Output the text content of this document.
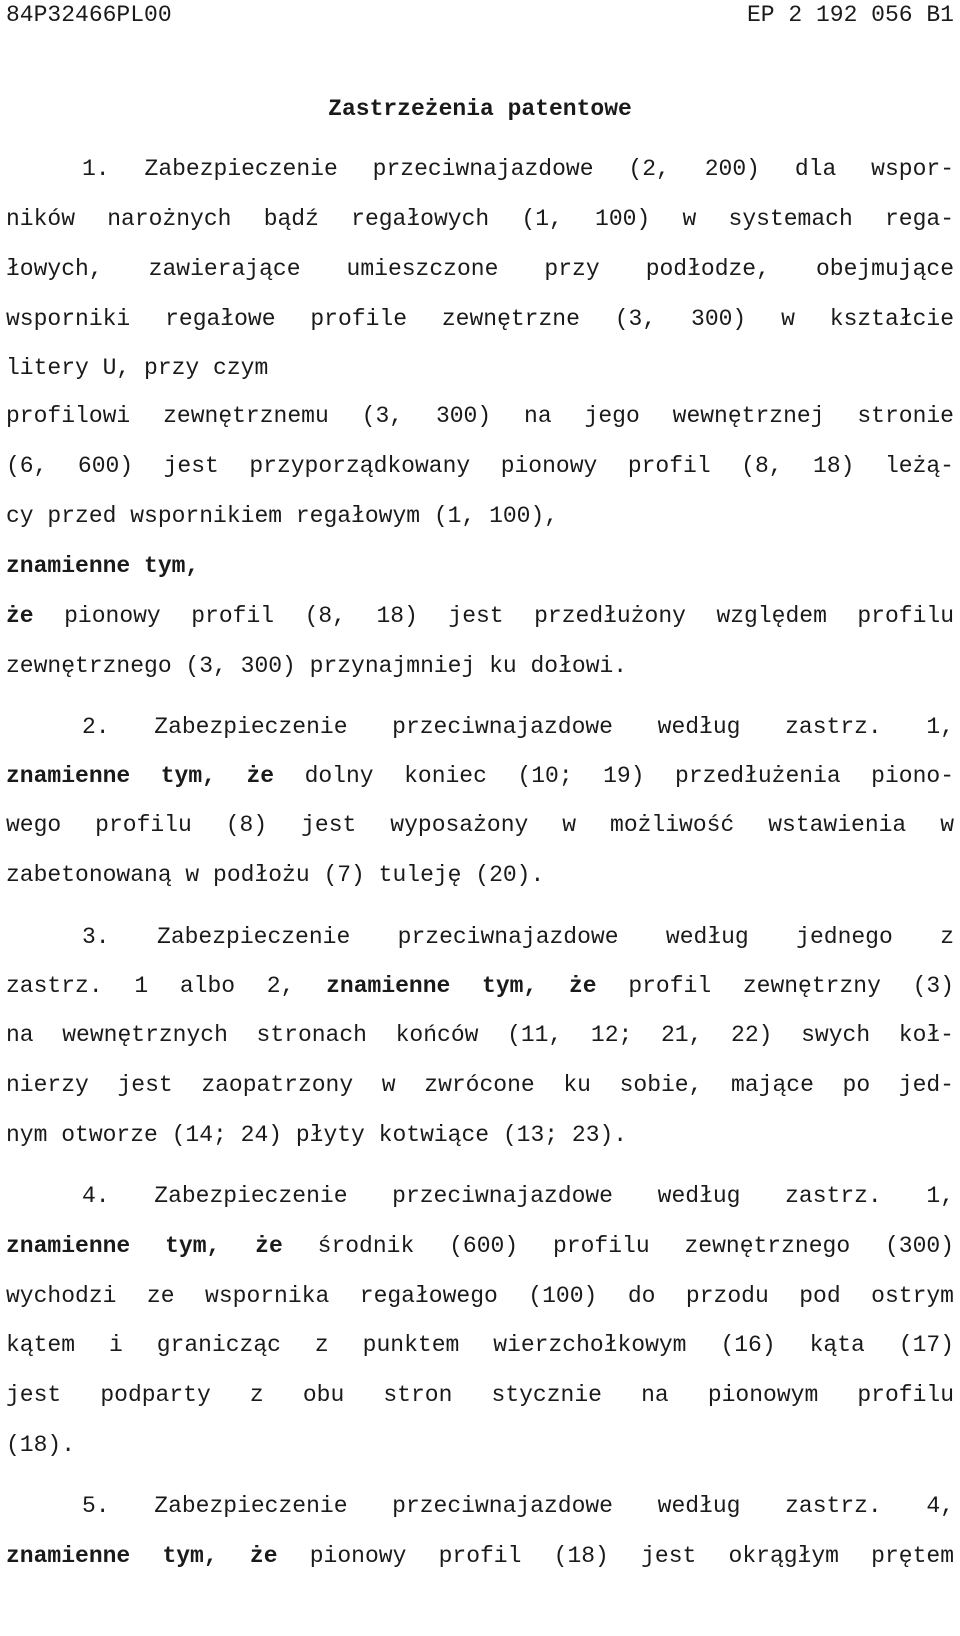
84P32466PL00	EP 2 192 056 B1
Zastrzeżenia patentowe
1. Zabezpieczenie przeciwnajazdowe (2, 200) dla wspor-
ników narożnych bądź regałowych (1, 100) w systemach rega-
łowych, zawierające umieszczone przy podłodze, obejmujące
wsporniki regałowe profile zewnętrzne (3, 300) w kształcie
litery U, przy czym
profilowi zewnętrznemu (3, 300) na jego wewnętrznej stronie
(6, 600) jest przyporządkowany pionowy profil (8, 18) leżą-
cy przed wspornikiem regałowym (1, 100),
znamienne tym,
że pionowy profil (8, 18) jest przedłużony względem profilu
zewnętrznego (3, 300) przynajmniej ku dołowi.
2. Zabezpieczenie przeciwnajazdowe według zastrz. 1,
znamienne tym, że dolny koniec (10; 19) przedłużenia piono-
wego profilu (8) jest wyposażony w możliwość wstawienia w
zabetonowaną w podłożu (7) tuleję (20).
3. Zabezpieczenie przeciwnajazdowe według jednego z
zastrz. 1 albo 2, znamienne tym, że profil zewnętrzny (3)
na wewnętrznych stronach końców (11, 12; 21, 22) swych koł-
nierzy jest zaopatrzony w zwrócone ku sobie, mające po jed-
nym otworze (14; 24) płyty kotwiące (13; 23).
4. Zabezpieczenie przeciwnajazdowe według zastrz. 1,
znamienne tym, że środnik (600) profilu zewnętrznego (300)
wychodzi ze wspornika regałowego (100) do przodu pod ostrym
kątem i granicząc z punktem wierzchołkowym (16) kąta (17)
jest podparty z obu stron stycznie na pionowym profilu
(18).
5. Zabezpieczenie przeciwnajazdowe według zastrz. 4,
znamienne tym, że pionowy profil (18) jest okrągłym prętem
